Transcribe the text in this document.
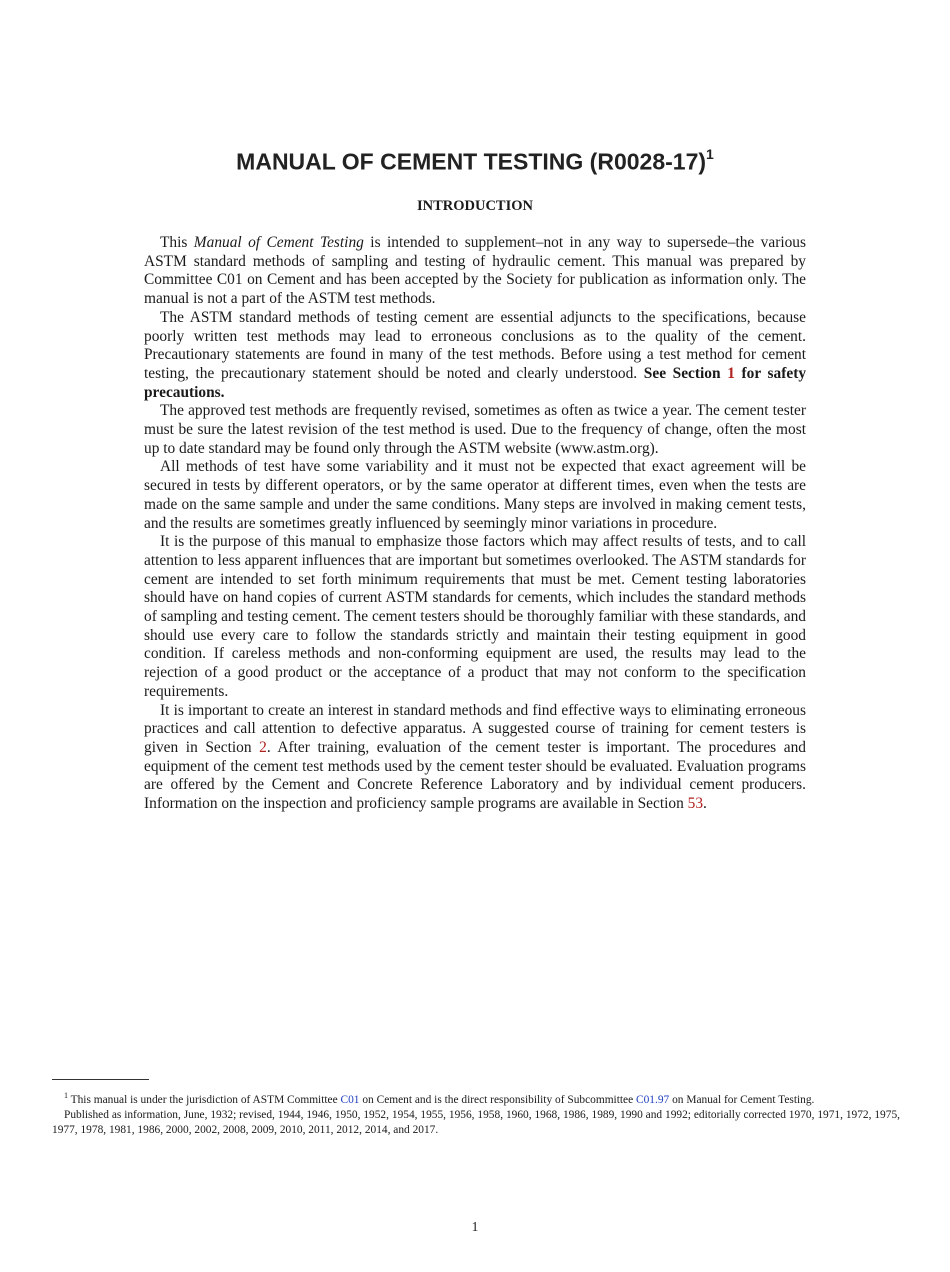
MANUAL OF CEMENT TESTING $(R0028-17)^1$
INTRODUCTION

This Manual of Cement Testing is intended to supplement–not in any way to supersede–the various ASTM standard methods of sampling and testing of hydraulic cement. This manual was prepared by Committee C01 on Cement and has been accepted by the Society for publication as information only. The manual is not a part of the ASTM test methods.

The ASTM standard methods of testing cement are essential adjuncts to the specifications, because poorly written test methods may lead to erroneous conclusions as to the quality of the cement. Precautionary statements are found in many of the test methods. Before using a test method for cement testing, the precautionary statement should be noted and clearly understood. See Section 1 for safety precautions.

The approved test methods are frequently revised, sometimes as often as twice a year. The cement tester must be sure the latest revision of the test method is used. Due to the frequency of change, often the most up to date standard may be found only through the ASTM website (www.astm.org).

All methods of test have some variability and it must not be expected that exact agreement will be secured in tests by different operators, or by the same operator at different times, even when the tests are made on the same sample and under the same conditions. Many steps are involved in making cement tests, and the results are sometimes greatly influenced by seemingly minor variations in procedure.

It is the purpose of this manual to emphasize those factors which may affect results of tests, and to call attention to less apparent influences that are important but sometimes overlooked. The ASTM standards for cement are intended to set forth minimum requirements that must be met. Cement testing laboratories should have on hand copies of current ASTM standards for cements, which includes the standard methods of sampling and testing cement. The cement testers should be thoroughly familiar with these standards, and should use every care to follow the standards strictly and maintain their testing equipment in good condition. If careless methods and non-conforming equipment are used, the results may lead to the rejection of a good product or the acceptance of a product that may not conform to the specification requirements.

It is important to create an interest in standard methods and find effective ways to eliminating erroneous practices and call attention to defective apparatus. A suggested course of training for cement testers is given in Section 2. After training, evaluation of the cement tester is important. The procedures and equipment of the cement test methods used by the cement tester should be evaluated. Evaluation programs are offered by the Cement and Concrete Reference Laboratory and by individual cement producers. Information on the inspection and proficiency sample programs are available in Section 53.

$^1$ This manual is under the jurisdiction of ASTM Committee C01 on Cement and is the direct responsibility of Subcommittee C01.97 on Manual for Cement Testing.
Published as information, June, 1932; revised, 1944, 1946, 1950, 1952, 1954, 1955, 1956, 1958, 1960, 1968, 1986, 1989, 1990 and 1992; editorially corrected 1970, 1971, 1972, 1975, 1977, 1978, 1981, 1986, 2000, 2002, 2008, 2009, 2010, 2011, 2012, 2014, and 2017.

1
